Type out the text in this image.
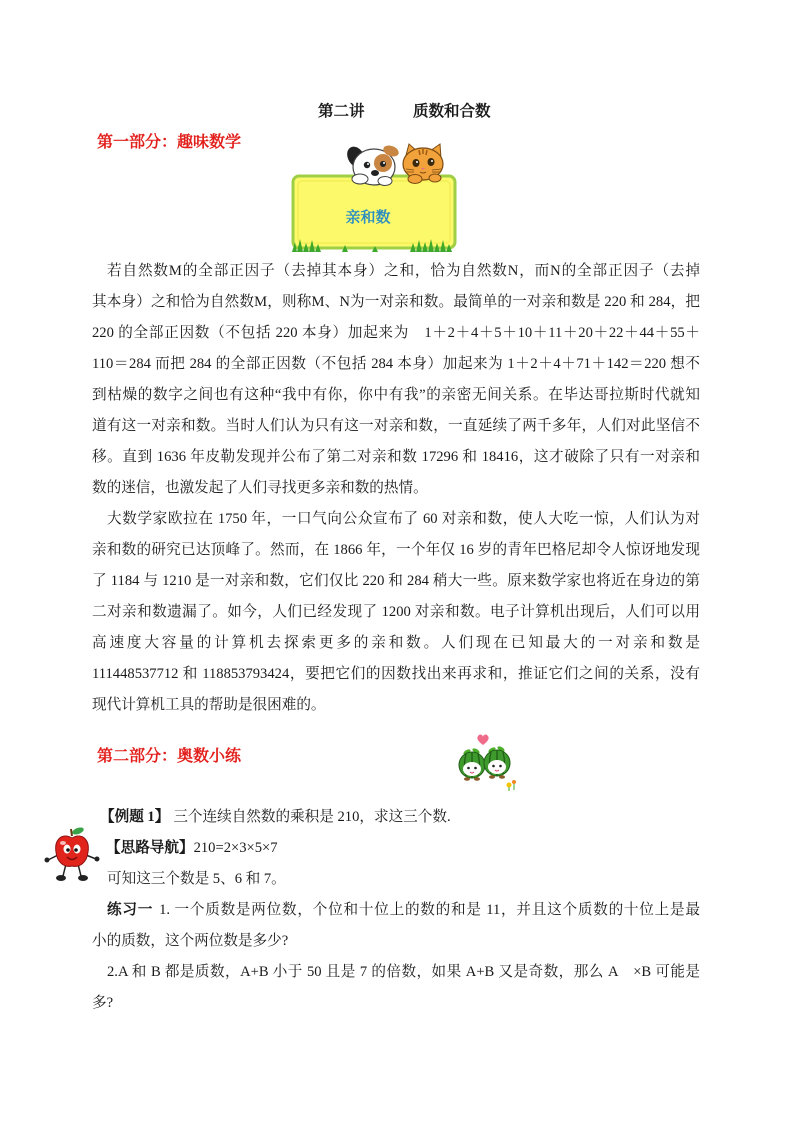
第二讲	质数和合数
第一部分：趣味数学
亲和数
若自然数M的全部正因子（去掉其本身）之和，恰为自然数N，而N的全部正因子（去掉
其本身）之和恰为自然数M，则称M、N为一对亲和数。最简单的一对亲和数是 220 和 284，把
220 的全部正因数（不包括 220 本身）加起来为　1＋2＋4＋5＋10＋11＋20＋22＋44＋55＋
110＝284 而把 284 的全部正因数（不包括 284 本身）加起来为 1＋2＋4＋71＋142＝220 想不
到枯燥的数字之间也有这种“我中有你，你中有我”的亲密无间关系。在毕达哥拉斯时代就知
道有这一对亲和数。当时人们认为只有这一对亲和数，一直延续了两千多年，人们对此坚信不
移。直到 1636 年皮勒发现并公布了第二对亲和数 17296 和 18416，这才破除了只有一对亲和
数的迷信，也激发起了人们寻找更多亲和数的热情。
大数学家欧拉在 1750 年，一口气向公众宣布了 60 对亲和数，使人大吃一惊，人们认为对
亲和数的研究已达顶峰了。然而，在 1866 年，一个年仅 16 岁的青年巴格尼却令人惊讶地发现
了 1184 与 1210 是一对亲和数，它们仅比 220 和 284 稍大一些。原来数学家也将近在身边的第
二对亲和数遗漏了。如今，人们已经发现了 1200 对亲和数。电子计算机出现后，人们可以用
高速度大容量的计算机去探索更多的亲和数。人们现在已知最大的一对亲和数是
111448537712 和 118853793424，要把它们的因数找出来再求和，推证它们之间的关系，没有
现代计算机工具的帮助是很困难的。
第二部分：奥数小练
【例题 1】 三个连续自然数的乘积是 210，求这三个数.
【思路导航】210=2×3×5×7
可知这三个数是 5、6 和 7。
练习一 1. 一个质数是两位数，个位和十位上的数的和是 11，并且这个质数的十位上是最
小的质数，这个两位数是多少?
2.A 和 B 都是质数，A+B 小于 50 且是 7 的倍数，如果 A+B 又是奇数，那么 A　×B 可能是
多?
